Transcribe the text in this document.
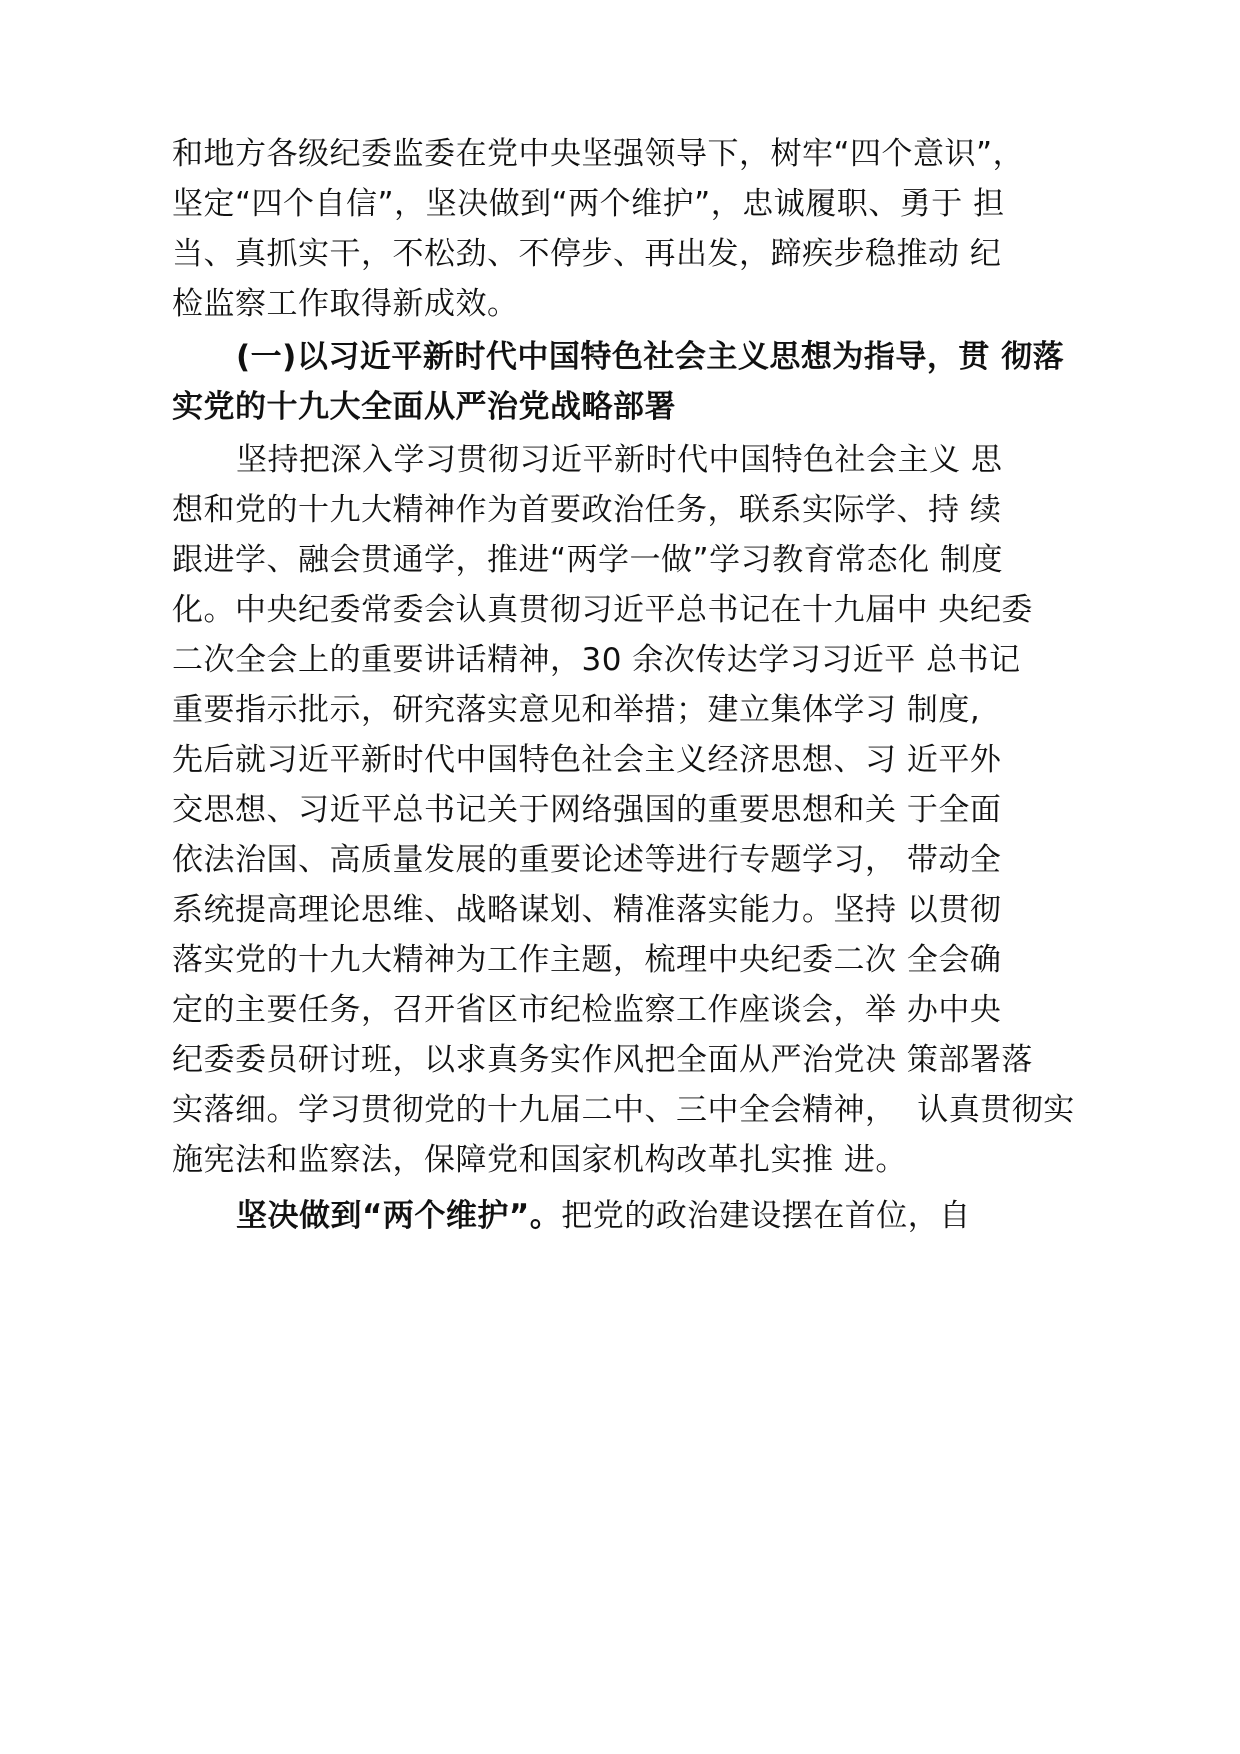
和地方各级纪委监委在党中央坚强领导下，树牢“四个意识”，
坚定“四个自信”，坚决做到“两个维护”，忠诚履职、勇于 担
当、真抓实干，不松劲、不停步、再出发，蹄疾步稳推动 纪
检监察工作取得新成效。
(一)以习近平新时代中国特色社会主义思想为指导，贯 彻落
实党的十九大全面从严治党战略部署
坚持把深入学习贯彻习近平新时代中国特色社会主义 思
想和党的十九大精神作为首要政治任务，联系实际学、持 续
跟进学、融会贯通学，推进“两学一做”学习教育常态化 制度
化。中央纪委常委会认真贯彻习近平总书记在十九届中 央纪委
二次全会上的重要讲话精神，30 余次传达学习习近平 总书记
重要指示批示，研究落实意见和举措；建立集体学习 制度,
先后就习近平新时代中国特色社会主义经济思想、习 近平外
交思想、习近平总书记关于网络强国的重要思想和关 于全面
依法治国、高质量发展的重要论述等进行专题学习， 带动全
系统提高理论思维、战略谋划、精准落实能力。坚持 以贯彻
落实党的十九大精神为工作主题，梳理中央纪委二次 全会确
定的主要任务，召开省区市纪检监察工作座谈会，举 办中央
纪委委员研讨班，以求真务实作风把全面从严治党决 策部署落
实落细。学习贯彻党的十九届二中、三中全会精神，  认真贯彻实
施宪法和监察法，保障党和国家机构改革扎实推 进。
坚决做到“两个维护”。把党的政治建设摆在首位，自
